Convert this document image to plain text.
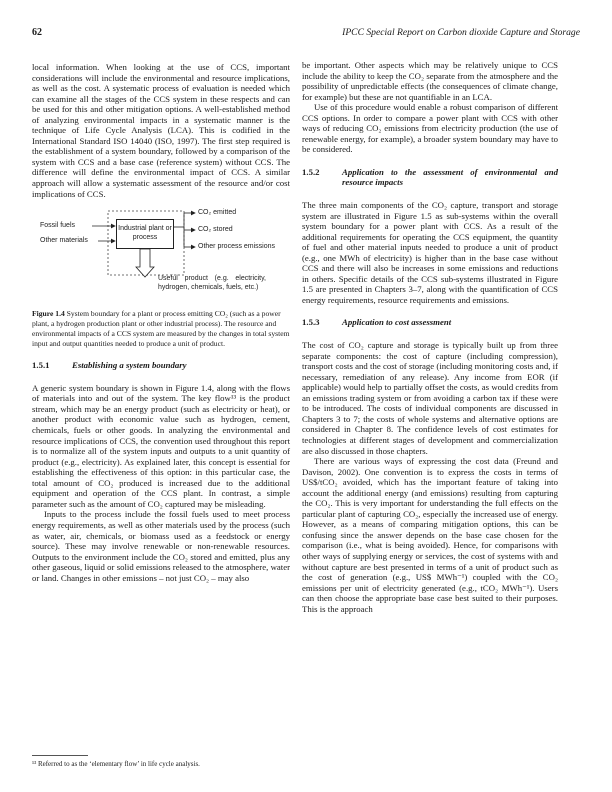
62	IPCC Special Report on Carbon dioxide Capture and Storage

local information. When looking at the use of CCS, important considerations will include the environmental and resource implications, as well as the cost. A systematic process of evaluation is needed which can examine all the stages of the CCS system in these respects and can be used for this and other mitigation options. A well-established method of analyzing environmental impacts in a systematic manner is the technique of Life Cycle Analysis (LCA). This is codified in the International Standard ISO 14040 (ISO, 1997). The first step required is the establishment of a system boundary, followed by a comparison of the system with CCS and a base case (reference system) without CCS. The difference will define the environmental impact of CCS. A similar approach will allow a systematic assessment of the resource and/or cost implications of CCS.

Fossil fuels
Other materials
Industrial plant or process
CO₂ emitted
CO₂ stored
Other process emissions
Useful product (e.g. electricity, hydrogen, chemicals, fuels, etc.)

Figure 1.4 System boundary for a plant or process emitting CO₂ (such as a power plant, a hydrogen production plant or other industrial process). The resource and environmental impacts of a CCS system are measured by the changes in total system input and output quantities needed to produce a unit of product.

1.5.1	Establishing a system boundary

A generic system boundary is shown in Figure 1.4, along with the flows of materials into and out of the system. The key flow¹³ is the product stream, which may be an energy product (such as electricity or heat), or another product with economic value such as hydrogen, cement, chemicals, fuels or other goods. In analyzing the environmental and resource implications of CCS, the convention used throughout this report is to normalize all of the system inputs and outputs to a unit quantity of product (e.g., electricity). As explained later, this concept is essential for establishing the effectiveness of this option: in this particular case, the total amount of CO₂ produced is increased due to the additional equipment and operation of the CCS plant. In contrast, a simple parameter such as the amount of CO₂ captured may be misleading.

Inputs to the process include the fossil fuels used to meet process energy requirements, as well as other materials used by the process (such as water, air, chemicals, or biomass used as a feedstock or energy source). These may involve renewable or non-renewable resources. Outputs to the environment include the CO₂ stored and emitted, plus any other gaseous, liquid or solid emissions released to the atmosphere, water or land. Changes in other emissions – not just CO₂ – may also

be important. Other aspects which may be relatively unique to CCS include the ability to keep the CO₂ separate from the atmosphere and the possibility of unpredictable effects (the consequences of climate change, for example) but these are not quantifiable in an LCA.

Use of this procedure would enable a robust comparison of different CCS options. In order to compare a power plant with CCS with other ways of reducing CO₂ emissions from electricity production (the use of renewable energy, for example), a broader system boundary may have to be considered.

1.5.2	Application to the assessment of environmental and resource impacts

The three main components of the CO₂ capture, transport and storage system are illustrated in Figure 1.5 as sub-systems within the overall system boundary for a power plant with CCS. As a result of the additional requirements for operating the CCS equipment, the quantity of fuel and other material inputs needed to produce a unit of product (e.g., one MWh of electricity) is higher than in the base case without CCS and there will also be increases in some emissions and reductions in others. Specific details of the CCS sub-systems illustrated in Figure 1.5 are presented in Chapters 3–7, along with the quantification of CCS energy requirements, resource requirements and emissions.

1.5.3	Application to cost assessment

The cost of CO₂ capture and storage is typically built up from three separate components: the cost of capture (including compression), transport costs and the cost of storage (including monitoring costs and, if necessary, remediation of any release). Any income from EOR (if applicable) would help to partially offset the costs, as would credits from an emissions trading system or from avoiding a carbon tax if these were to be introduced. The costs of individual components are discussed in Chapters 3 to 7; the costs of whole systems and alternative options are considered in Chapter 8. The confidence levels of cost estimates for technologies at different stages of development and commercialization are also discussed in those chapters.

There are various ways of expressing the cost data (Freund and Davison, 2002). One convention is to express the costs in terms of US$/tCO₂ avoided, which has the important feature of taking into account the additional energy (and emissions) resulting from capturing the CO₂. This is very important for understanding the full effects on the particular plant of capturing CO₂, especially the increased use of energy. However, as a means of comparing mitigation options, this can be confusing since the answer depends on the base case chosen for the comparison (i.e., what is being avoided). Hence, for comparisons with other ways of supplying energy or services, the cost of systems with and without capture are best presented in terms of a unit of product such as the cost of generation (e.g., US$ MWh⁻¹) coupled with the CO₂ emissions per unit of electricity generated (e.g., tCO₂ MWh⁻¹). Users can then choose the appropriate base case best suited to their purposes. This is the approach

¹³ Referred to as the ‘elementary flow’ in life cycle analysis.
